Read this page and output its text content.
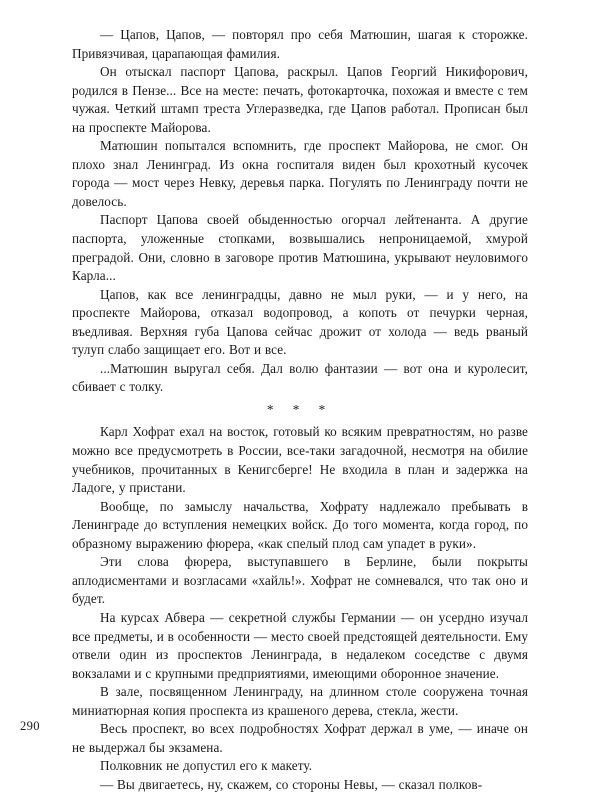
— Цапов, Цапов, — повторял про себя Матюшин, шагая к сторожке. Привязчивая, царапающая фамилия.

Он отыскал паспорт Цапова, раскрыл. Цапов Георгий Никифорович, родился в Пензе... Все на месте: печать, фотокарточка, похожая и вместе с тем чужая. Четкий штамп треста Углеразведка, где Цапов работал. Прописан был на проспекте Майорова.

Матюшин попытался вспомнить, где проспект Майорова, не смог. Он плохо знал Ленинград. Из окна госпиталя виден был крохотный кусочек города — мост через Невку, деревья парка. Погулять по Ленинграду почти не довелось.

Паспорт Цапова своей обыденностью огорчал лейтенанта. А другие паспорта, уложенные стопками, возвышались непроницаемой, хмурой преградой. Они, словно в заговоре против Матюшина, укрывают неуловимого Карла...

Цапов, как все ленинградцы, давно не мыл руки, — и у него, на проспекте Майорова, отказал водопровод, а копоть от печурки черная, въедливая. Верхняя губа Цапова сейчас дрожит от холода — ведь рваный тулуп слабо защищает его. Вот и все.

...Матюшин выругал себя. Дал волю фантазии — вот она и куролесит, сбивает с толку.

* * *

Карл Хофрат ехал на восток, готовый ко всяким превратностям, но разве можно все предусмотреть в России, все-таки загадочной, несмотря на обилие учебников, прочитанных в Кенигсберге! Не входила в план и задержка на Ладоге, у пристани.

Вообще, по замыслу начальства, Хофрату надлежало пребывать в Ленинграде до вступления немецких войск. До того момента, когда город, по образному выражению фюрера, «как спелый плод сам упадет в руки».

Эти слова фюрера, выступавшего в Берлине, были покрыты аплодисментами и возгласами «хайль!». Хофрат не сомневался, что так оно и будет.

На курсах Абвера — секретной службы Германии — он усердно изучал все предметы, и в особенности — место своей предстоящей деятельности. Ему отвели один из проспектов Ленинграда, в недалеком соседстве с двумя вокзалами и с крупными предприятиями, имеющими оборонное значение.

В зале, посвященном Ленинграду, на длинном столе сооружена точная миниатюрная копия проспекта из крашеного дерева, стекла, жести.

Весь проспект, во всех подробностях Хофрат держал в уме, — иначе он не выдержал бы экзамена.

Полковник не допустил его к макету.

— Вы двигаетесь, ну, скажем, со стороны Невы, — сказал полков-

290
